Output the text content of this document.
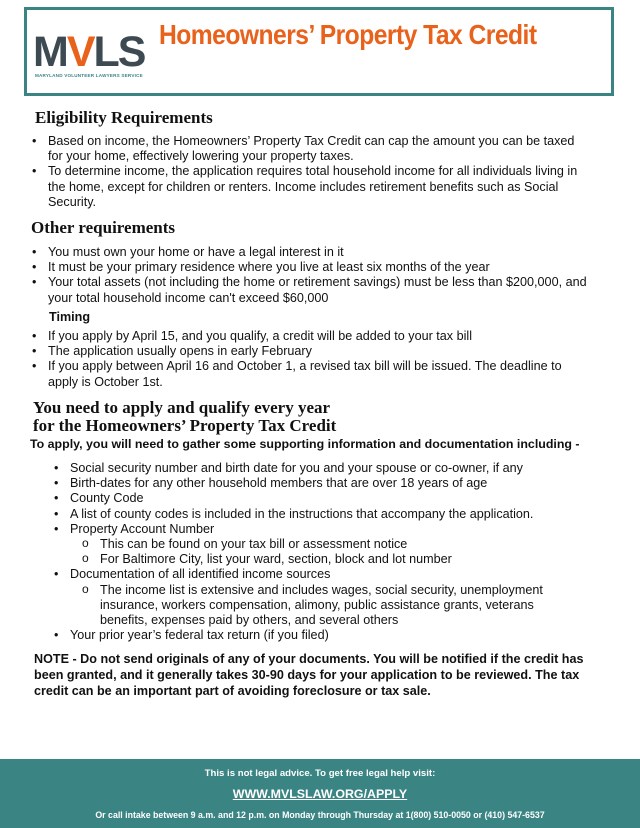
MVLS
MARYLAND VOLUNTEER LAWYERS SERVICE
Homeowners’ Property Tax Credit
Eligibility Requirements
• Based on income, the Homeowners’ Property Tax Credit can cap the amount you can be taxed for your home, effectively lowering your property taxes.
• To determine income, the application requires total household income for all individuals living in the home, except for children or renters. Income includes retirement benefits such as Social Security.
Other requirements
• You must own your home or have a legal interest in it
• It must be your primary residence where you live at least six months of the year
• Your total assets (not including the home or retirement savings) must be less than $200,000, and your total household income can't exceed $60,000
Timing
• If you apply by April 15, and you qualify, a credit will be added to your tax bill
• The application usually opens in early February
• If you apply between April 16 and October 1, a revised tax bill will be issued. The deadline to apply is October 1st.
You need to apply and qualify every year
for the Homeowners’ Property Tax Credit
To apply, you will need to gather some supporting information and documentation including -
• Social security number and birth date for you and your spouse or co-owner, if any
• Birth-dates for any other household members that are over 18 years of age
• County Code
• A list of county codes is included in the instructions that accompany the application.
• Property Account Number
o This can be found on your tax bill or assessment notice
o For Baltimore City, list your ward, section, block and lot number
• Documentation of all identified income sources
o The income list is extensive and includes wages, social security, unemployment insurance, workers compensation, alimony, public assistance grants, veterans benefits, expenses paid by others, and several others
• Your prior year’s federal tax return (if you filed)
NOTE - Do not send originals of any of your documents. You will be notified if the credit has been granted, and it generally takes 30-90 days for your application to be reviewed. The tax credit can be an important part of avoiding foreclosure or tax sale.
This is not legal advice. To get free legal help visit:
WWW.MVLSLAW.ORG/APPLY
Or call intake between 9 a.m. and 12 p.m. on Monday through Thursday at 1(800) 510-0050 or (410) 547-6537
